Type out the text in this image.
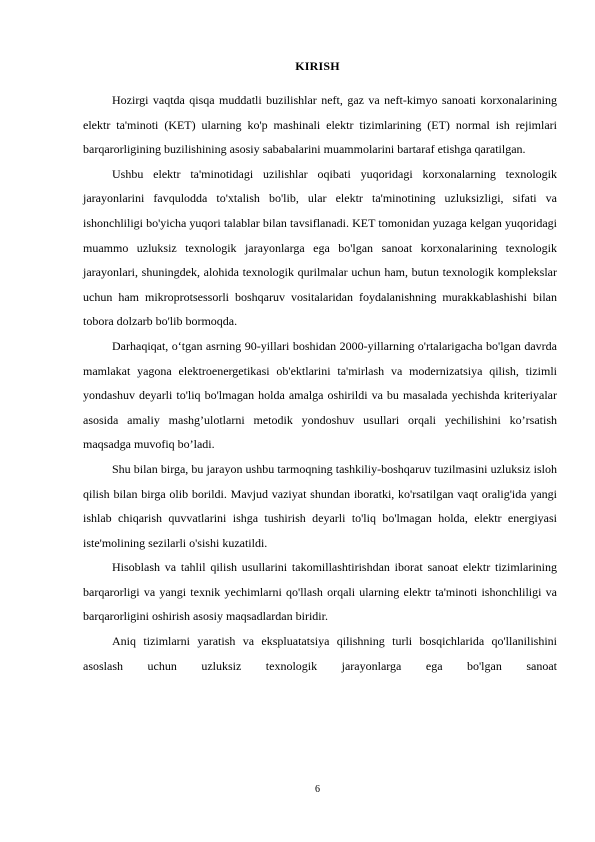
KIRISH

Hozirgi vaqtda qisqa muddatli buzilishlar neft, gaz va neft-kimyo sanoati korxonalarining elektr ta'minoti (KET) ularning ko'p mashinali elektr tizimlarining (ET) normal ish rejimlari barqarorligining buzilishining asosiy sababalarini muammolarini bartaraf etishga qaratilgan.

Ushbu elektr ta'minotidagi uzilishlar oqibati yuqoridagi korxonalarning texnologik jarayonlarini favqulodda to'xtalish bo'lib, ular elektr ta'minotining uzluksizligi, sifati va ishonchliligi bo'yicha yuqori talablar bilan tavsiflanadi. KET tomonidan yuzaga kelgan yuqoridagi muammo uzluksiz texnologik jarayonlarga ega bo'lgan sanoat korxonalarining texnologik jarayonlari, shuningdek, alohida texnologik qurilmalar uchun ham, butun texnologik komplekslar uchun ham mikroprotsessorli boshqaruv vositalaridan foydalanishning murakkablashishi bilan tobora dolzarb bo'lib bormoqda.

Darhaqiqat, o‘tgan asrning 90-yillari boshidan 2000-yillarning o'rtalarigacha bo'lgan davrda mamlakat yagona elektroenergetikasi ob'ektlarini ta'mirlash va modernizatsiya qilish, tizimli yondashuv deyarli to'liq bo'lmagan holda amalga oshirildi va bu masalada yechishda kriteriyalar asosida amaliy mashg’ulotlarni metodik yondoshuv usullari orqali yechilishini ko’rsatish maqsadga muvofiq bo’ladi.

Shu bilan birga, bu jarayon ushbu tarmoqning tashkiliy-boshqaruv tuzilmasini uzluksiz isloh qilish bilan birga olib borildi. Mavjud vaziyat shundan iboratki, ko'rsatilgan vaqt oralig'ida yangi ishlab chiqarish quvvatlarini ishga tushirish deyarli to'liq bo'lmagan holda, elektr energiyasi iste'molining sezilarli o'sishi kuzatildi.

Hisoblash va tahlil qilish usullarini takomillashtirishdan iborat sanoat elektr tizimlarining barqarorligi va yangi texnik yechimlarni qo'llash orqali ularning elektr ta'minoti ishonchliligi va barqarorligini oshirish asosiy maqsadlardan biridir.

Aniq tizimlarni yaratish va ekspluatatsiya qilishning turli bosqichlarida qo'llanilishini asoslash uchun uzluksiz texnologik jarayonlarga ega bo'lgan sanoat

6
